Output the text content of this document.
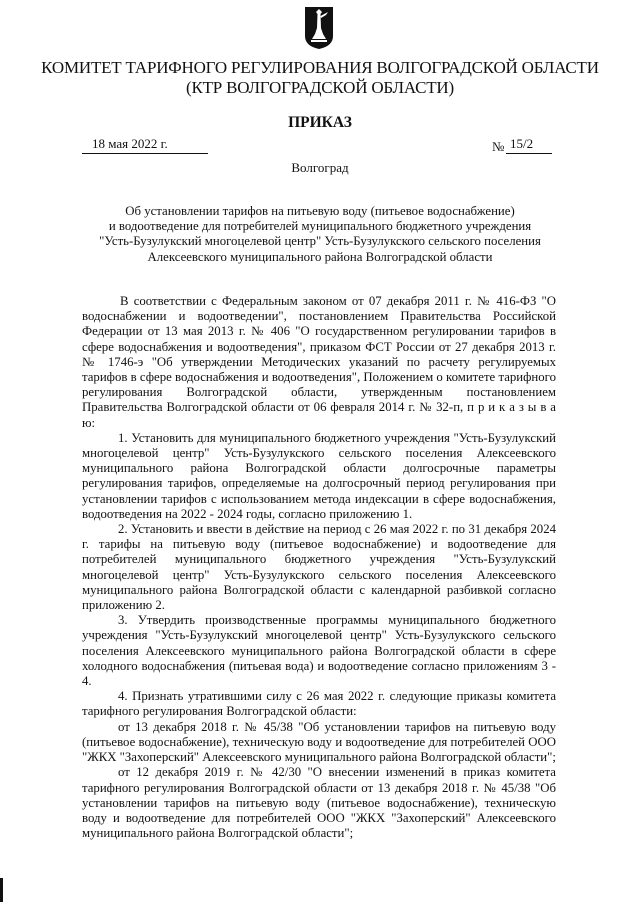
КОМИТЕТ ТАРИФНОГО РЕГУЛИРОВАНИЯ ВОЛГОГРАДСКОЙ ОБЛАСТИ
(КТР ВОЛГОГРАДСКОЙ ОБЛАСТИ)
ПРИКАЗ
18 мая 2022 г.	№ 15/2
Волгоград
Об установлении тарифов на питьевую воду (питьевое водоснабжение)
и водоотведение для потребителей муниципального бюджетного учреждения
"Усть-Бузулукский многоцелевой центр" Усть-Бузулукского сельского поселения
Алексеевского муниципального района Волгоградской области

В соответствии с Федеральным законом от 07 декабря 2011 г. № 416-ФЗ "О водоснабжении и водоотведении", постановлением Правительства Российской Федерации от 13 мая 2013 г. № 406 "О государственном регулировании тарифов в сфере водоснабжения и водоотведения", приказом ФСТ России от 27 декабря 2013 г. № 1746-э "Об утверждении Методических указаний по расчету регулируемых тарифов в сфере водоснабжения и водоотведения", Положением о комитете тарифного регулирования Волгоградской области, утвержденным постановлением Правительства Волгоградской области от 06 февраля 2014 г. № 32-п, п р и к а з ы в а ю:

1. Установить для муниципального бюджетного учреждения "Усть-Бузулукский многоцелевой центр" Усть-Бузулукского сельского поселения Алексеевского муниципального района Волгоградской области долгосрочные параметры регулирования тарифов, определяемые на долгосрочный период регулирования при установлении тарифов с использованием метода индексации в сфере водоснабжения, водоотведения на 2022 - 2024 годы, согласно приложению 1.

2. Установить и ввести в действие на период с 26 мая 2022 г. по 31 декабря 2024 г. тарифы на питьевую воду (питьевое водоснабжение) и водоотведение для потребителей муниципального бюджетного учреждения "Усть-Бузулукский многоцелевой центр" Усть-Бузулукского сельского поселения Алексеевского муниципального района Волгоградской области с календарной разбивкой согласно приложению 2.

3. Утвердить производственные программы муниципального бюджетного учреждения "Усть-Бузулукский многоцелевой центр" Усть-Бузулукского сельского поселения Алексеевского муниципального района Волгоградской области в сфере холодного водоснабжения (питьевая вода) и водоотведение согласно приложениям 3 - 4.

4. Признать утратившими силу с 26 мая 2022 г. следующие приказы комитета тарифного регулирования Волгоградской области:

от 13 декабря 2018 г. № 45/38 "Об установлении тарифов на питьевую воду (питьевое водоснабжение), техническую воду и водоотведение для потребителей ООО "ЖКХ "Захоперский" Алексеевского муниципального района Волгоградской области";

от 12 декабря 2019 г. № 42/30 "О внесении изменений в приказ комитета тарифного регулирования Волгоградской области от 13 декабря 2018 г. № 45/38 "Об установлении тарифов на питьевую воду (питьевое водоснабжение), техническую воду и водоотведение для потребителей ООО "ЖКХ "Захоперский" Алексеевского муниципального района Волгоградской области";
